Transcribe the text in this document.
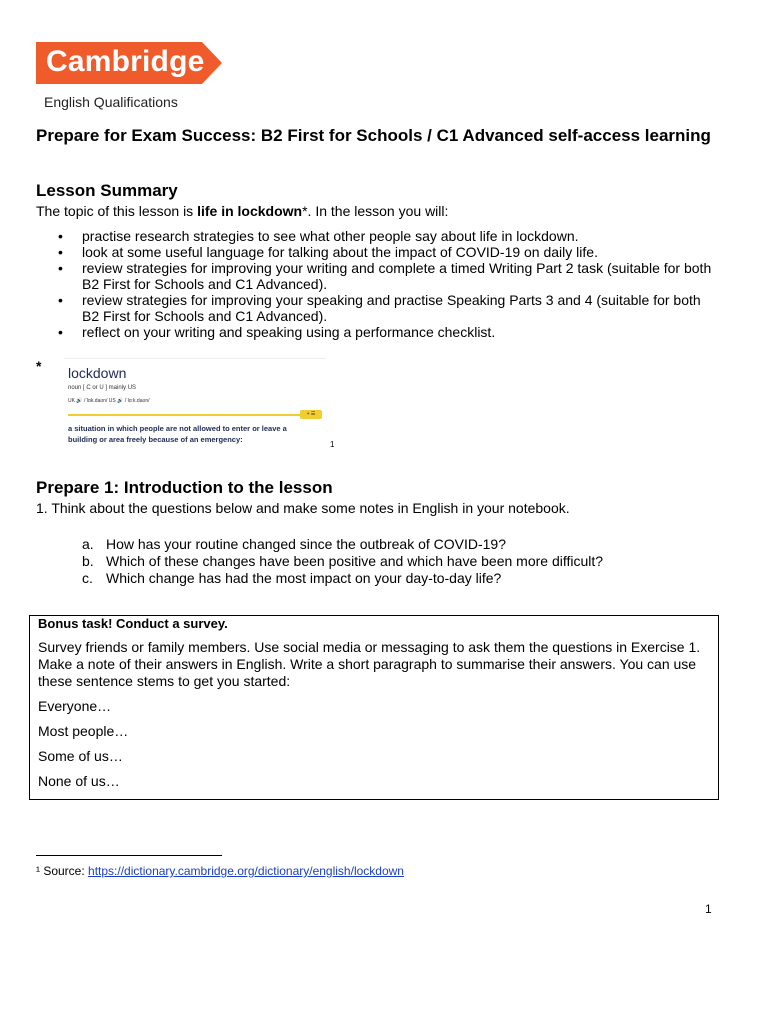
Cambridge
English Qualifications
Prepare for Exam Success: B2 First for Schools / C1 Advanced self-access learning
Lesson Summary
The topic of this lesson is life in lockdown*. In the lesson you will:
• practise research strategies to see what other people say about life in lockdown.
• look at some useful language for talking about the impact of COVID-19 on daily life.
• review strategies for improving your writing and complete a timed Writing Part 2 task (suitable for both B2 First for Schools and C1 Advanced).
• review strategies for improving your speaking and practise Speaking Parts 3 and 4 (suitable for both B2 First for Schools and C1 Advanced).
• reflect on your writing and speaking using a performance checklist.
* lockdown
noun [ C or U ] mainly US
UK 🔊 /ˈlɒk.daʊn/ US 🔊 /ˈlɑːk.daʊn/
+ ☰
a situation in which people are not allowed to enter or leave a building or area freely because of an emergency:
1
Prepare 1: Introduction to the lesson
1. Think about the questions below and make some notes in English in your notebook.
a. How has your routine changed since the outbreak of COVID-19?
b. Which of these changes have been positive and which have been more difficult?
c. Which change has had the most impact on your day-to-day life?

Bonus task! Conduct a survey.

Survey friends or family members. Use social media or messaging to ask them the questions in Exercise 1. Make a note of their answers in English. Write a short paragraph to summarise their answers. You can use these sentence stems to get you started:

Everyone…

Most people…

Some of us…

None of us…

¹ Source: https://dictionary.cambridge.org/dictionary/english/lockdown
1
